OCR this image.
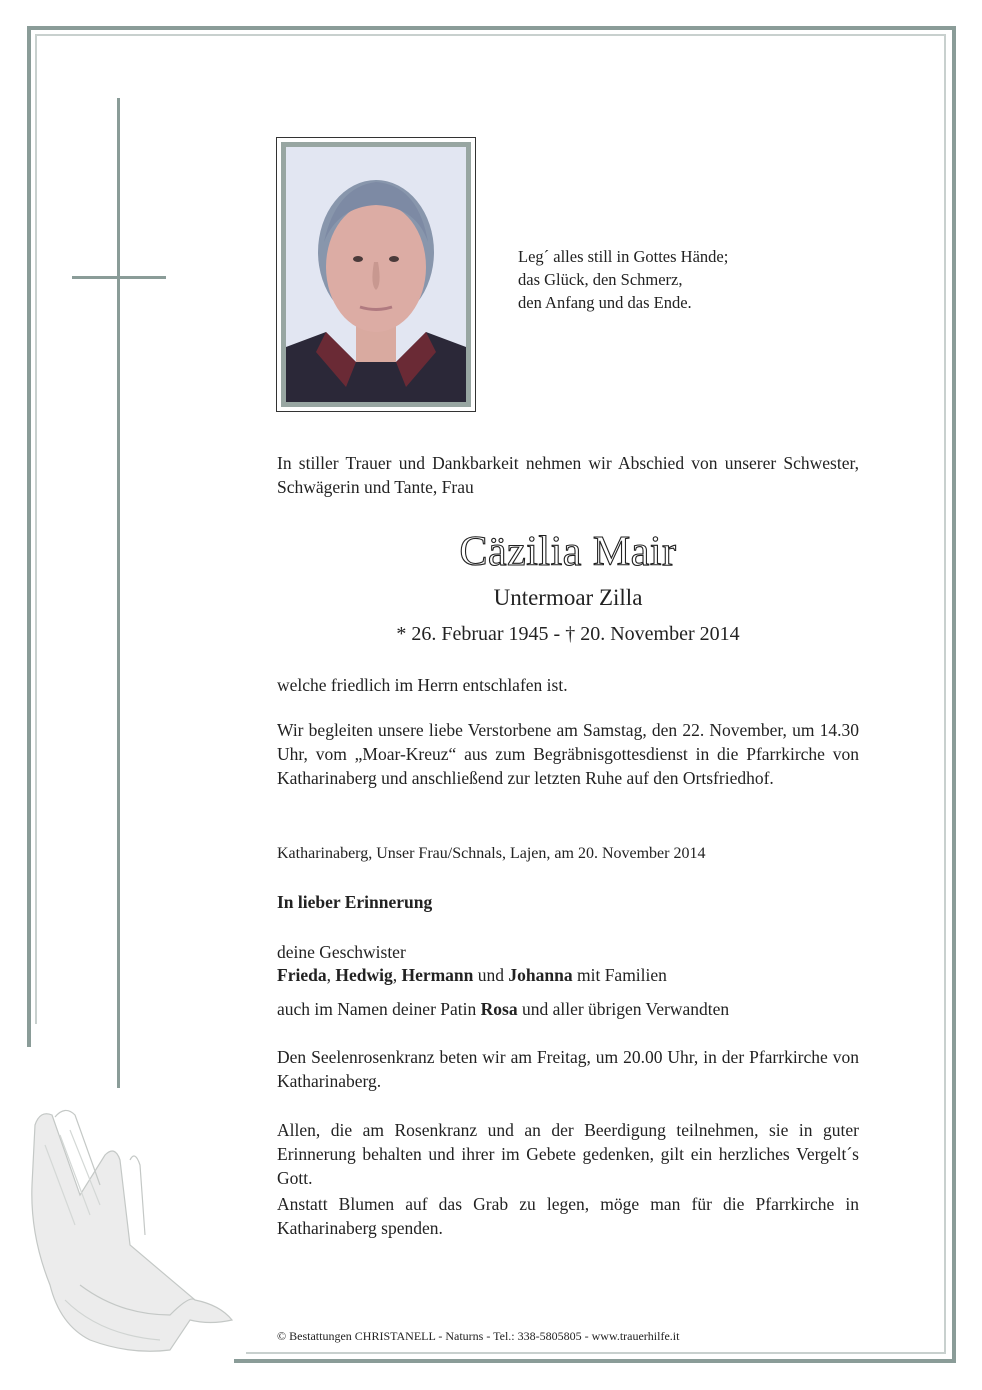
Leg´ alles still in Gottes Hände;
das Glück, den Schmerz,
den Anfang und das Ende.
In stiller Trauer und Dankbarkeit nehmen wir Abschied von unserer Schwester, Schwägerin und Tante, Frau
Cäzilia Mair
Untermoar Zilla
* 26. Februar 1945 - † 20. November 2014
welche friedlich im Herrn entschlafen ist.
Wir begleiten unsere liebe Verstorbene am Samstag, den 22. November, um 14.30 Uhr, vom „Moar-Kreuz“ aus zum Begräbnisgottesdienst in die Pfarrkirche von Katharinaberg und anschließend zur letzten Ruhe auf den Ortsfriedhof.
Katharinaberg, Unser Frau/Schnals, Lajen, am 20. November 2014
In lieber Erinnerung
deine Geschwister
Frieda, Hedwig, Hermann und Johanna mit Familien
auch im Namen deiner Patin Rosa und aller übrigen Verwandten
Den Seelenrosenkranz beten wir am Freitag, um 20.00 Uhr, in der Pfarrkirche von Katharinaberg.
Allen, die am Rosenkranz und an der Beerdigung teilnehmen, sie in guter Erinnerung behalten und ihrer im Gebete gedenken, gilt ein herzliches Vergelt´s Gott.
Anstatt Blumen auf das Grab zu legen, möge man für die Pfarrkirche in Katharinaberg spenden.
© Bestattungen CHRISTANELL - Naturns - Tel.: 338-5805805 - www.trauerhilfe.it
